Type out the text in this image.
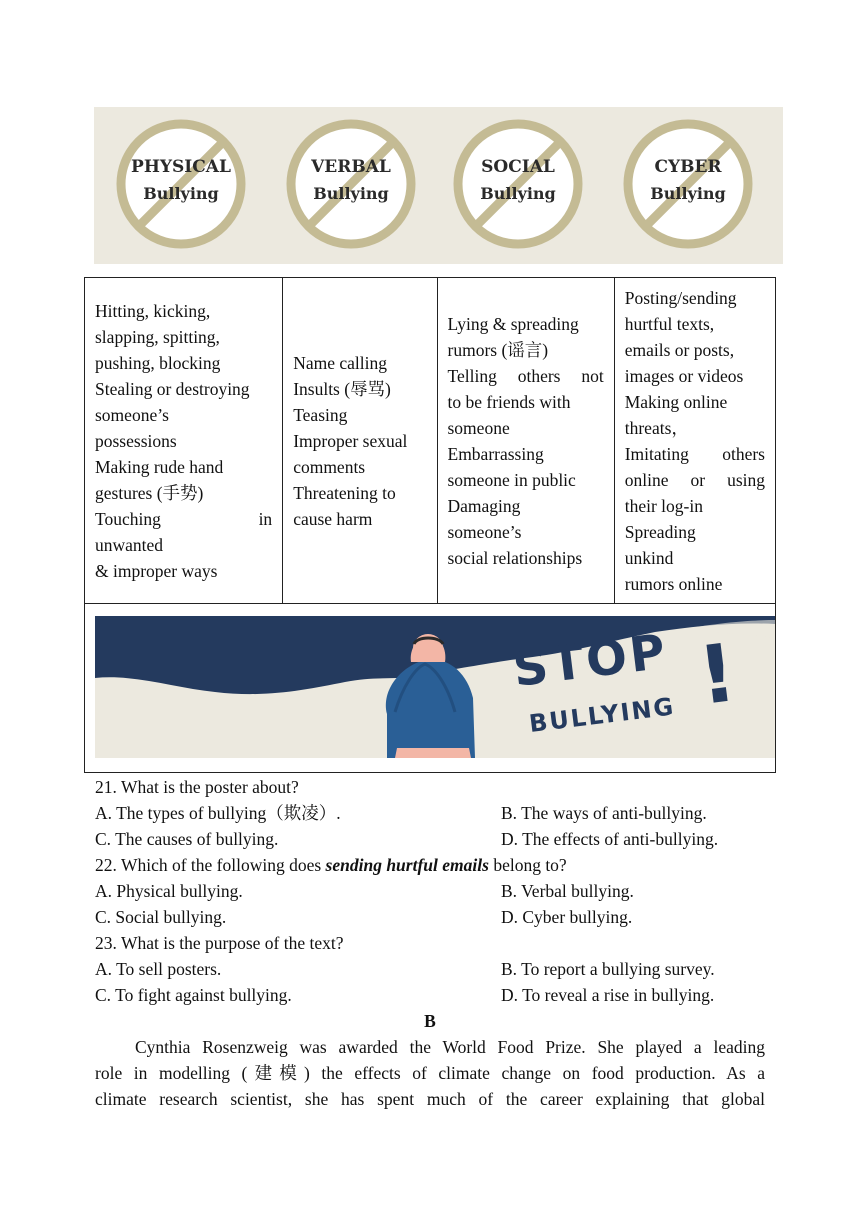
PHYSICAL
Bullying
VERBAL
Bullying
SOCIAL
Bullying
CYBER
Bullying
Hitting, kicking,
slapping, spitting,
pushing, blocking
Stealing or destroying
someone’s
possessions
Making rude hand
gestures (手势)
Touching in
unwanted
& improper ways

Name calling
Insults (辱骂)
Teasing
Improper sexual
comments
Threatening to
cause harm

Lying & spreading
rumors (谣言)
Telling others not
to be friends with
someone
Embarrassing
someone in public
Damaging
someone’s
social relationships

Posting/sending
hurtful texts,
emails or posts,
images or videos
Making online
threats，
Imitating others
online or using
their log-in
Spreading
unkind
rumors online
STOP
BULLYING !
21. What is the poster about?
A. The types of bullying（欺凌）.	B. The ways of anti-bullying.
C. The causes of bullying.	D. The effects of anti-bullying.
22. Which of the following does sending hurtful emails belong to?
A. Physical bullying.	B. Verbal bullying.
C. Social bullying.	D. Cyber bullying.
23. What is the purpose of the text?
A. To sell posters.	B. To report a bullying survey.
C. To fight against bullying.	D. To reveal a rise in bullying.
B
Cynthia Rosenzweig was awarded the World Food Prize. She played a leading
role in modelling (建模) the effects of climate change on food production. As a
climate research scientist, she has spent much of the career explaining that global
